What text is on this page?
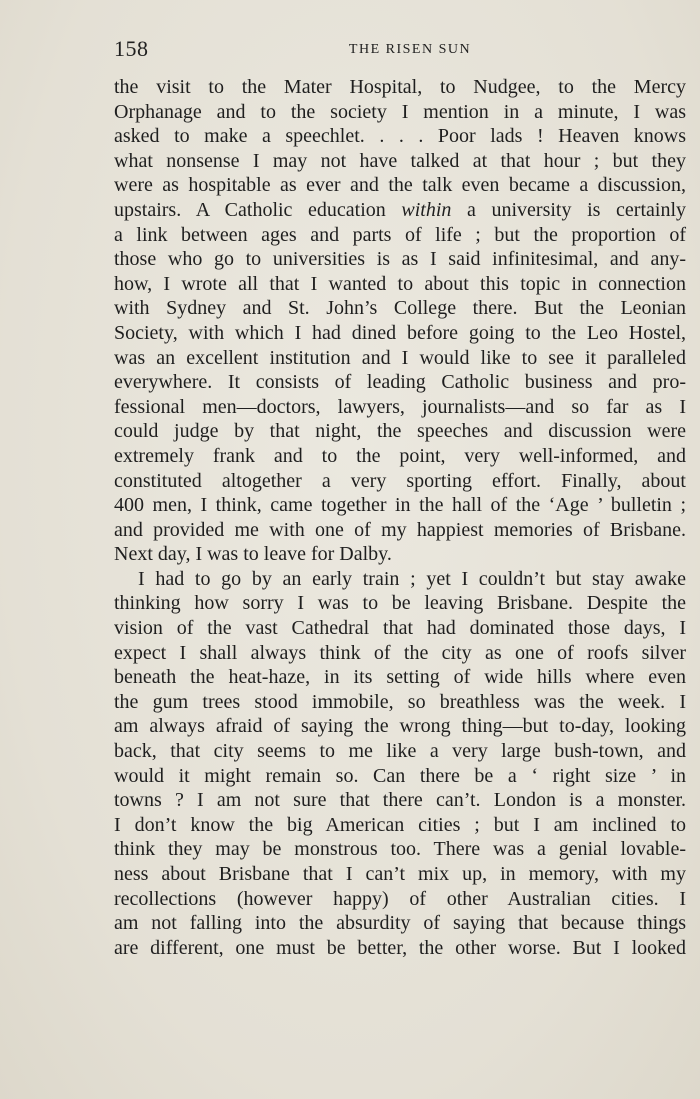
158	THE RISEN SUN
the visit to the Mater Hospital, to Nudgee, to the Mercy
Orphanage and to the society I mention in a minute, I was
asked to make a speechlet. . . . Poor lads ! Heaven knows
what nonsense I may not have talked at that hour ; but they
were as hospitable as ever and the talk even became a discussion,
upstairs. A Catholic education within a university is certainly
a link between ages and parts of life ; but the proportion of
those who go to universities is as I said infinitesimal, and any-
how, I wrote all that I wanted to about this topic in connection
with Sydney and St. John’s College there. But the Leonian
Society, with which I had dined before going to the Leo Hostel,
was an excellent institution and I would like to see it paralleled
everywhere. It consists of leading Catholic business and pro-
fessional men—doctors, lawyers, journalists—and so far as I
could judge by that night, the speeches and discussion were
extremely frank and to the point, very well-informed, and
constituted altogether a very sporting effort. Finally, about
400 men, I think, came together in the hall of the ‘Age ’ bulletin ;
and provided me with one of my happiest memories of Brisbane.
Next day, I was to leave for Dalby.
I had to go by an early train ; yet I couldn’t but stay awake
thinking how sorry I was to be leaving Brisbane. Despite the
vision of the vast Cathedral that had dominated those days, I
expect I shall always think of the city as one of roofs silver
beneath the heat-haze, in its setting of wide hills where even
the gum trees stood immobile, so breathless was the week. I
am always afraid of saying the wrong thing—but to-day, looking
back, that city seems to me like a very large bush-town, and
would it might remain so. Can there be a ‘ right size ’ in
towns ? I am not sure that there can’t. London is a monster.
I don’t know the big American cities ; but I am inclined to
think they may be monstrous too. There was a genial lovable-
ness about Brisbane that I can’t mix up, in memory, with my
recollections (however happy) of other Australian cities. I
am not falling into the absurdity of saying that because things
are different, one must be better, the other worse. But I looked
